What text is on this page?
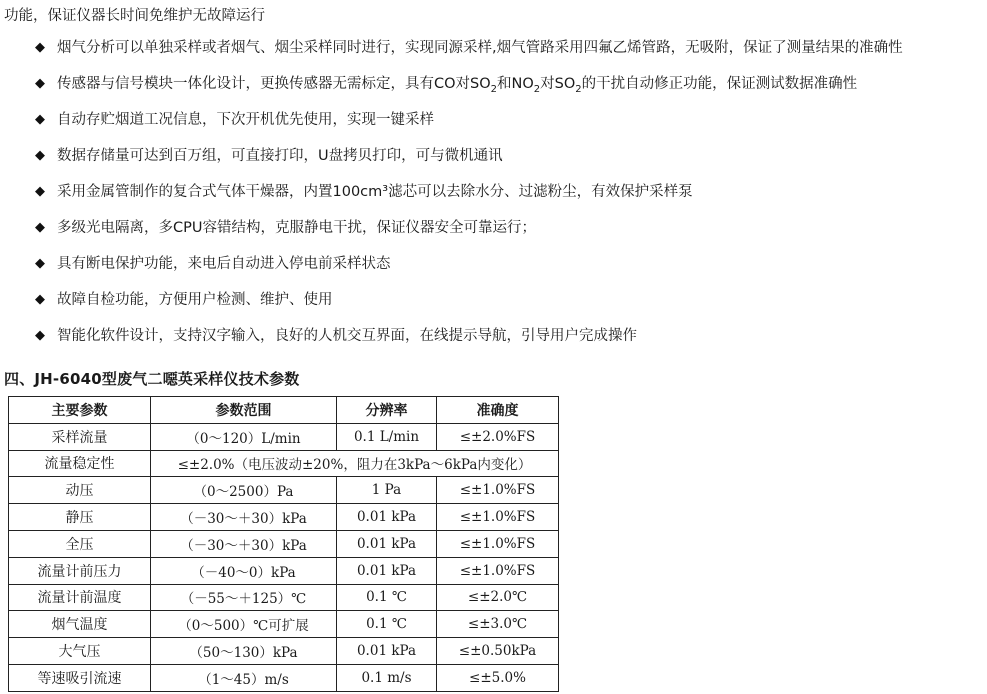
功能，保证仪器长时间免维护无故障运行
◆ 烟气分析可以单独采样或者烟气、烟尘采样同时进行，实现同源采样,烟气管路采用四氟乙烯管路，无吸附，保证了测量结果的准确性
◆ 传感器与信号模块一体化设计，更换传感器无需标定，具有CO对$SO_2$和$NO_2$对$SO_2$的干扰自动修正功能，保证测试数据准确性
◆ 自动存贮烟道工况信息，下次开机优先使用，实现一键采样
◆ 数据存储量可达到百万组，可直接打印，U盘拷贝打印，可与微机通讯
◆ 采用金属管制作的复合式气体干燥器，内置100cm³滤芯可以去除水分、过滤粉尘，有效保护采样泵
◆ 多级光电隔离，多CPU容错结构，克服静电干扰，保证仪器安全可靠运行；
◆ 具有断电保护功能，来电后自动进入停电前采样状态
◆ 故障自检功能，方便用户检测、维护、使用
◆ 智能化软件设计，支持汉字输入，良好的人机交互界面，在线提示导航，引导用户完成操作
四、JH-6040型废气二噁英采样仪技术参数
主要参数	参数范围	分辨率	准确度
采样流量	（0～120）L/min	0.1 L/min	≤±2.0%FS
流量稳定性	≤±2.0%（电压波动±20%，阻力在3kPa～6kPa内变化）		
动压	（0～2500）Pa	1 Pa	≤±1.0%FS
静压	（－30～＋30）kPa	0.01 kPa	≤±1.0%FS
全压	（－30～＋30）kPa	0.01 kPa	≤±1.0%FS
流量计前压力	（－40～0）kPa	0.01 kPa	≤±1.0%FS
流量计前温度	（－55～＋125）℃	0.1 ℃	≤±2.0℃
烟气温度	（0～500）℃可扩展	0.1 ℃	≤±3.0℃
大气压	（50～130）kPa	0.01 kPa	≤±0.50kPa
等速吸引流速	（1～45）m/s	0.1 m/s	≤±5.0%
